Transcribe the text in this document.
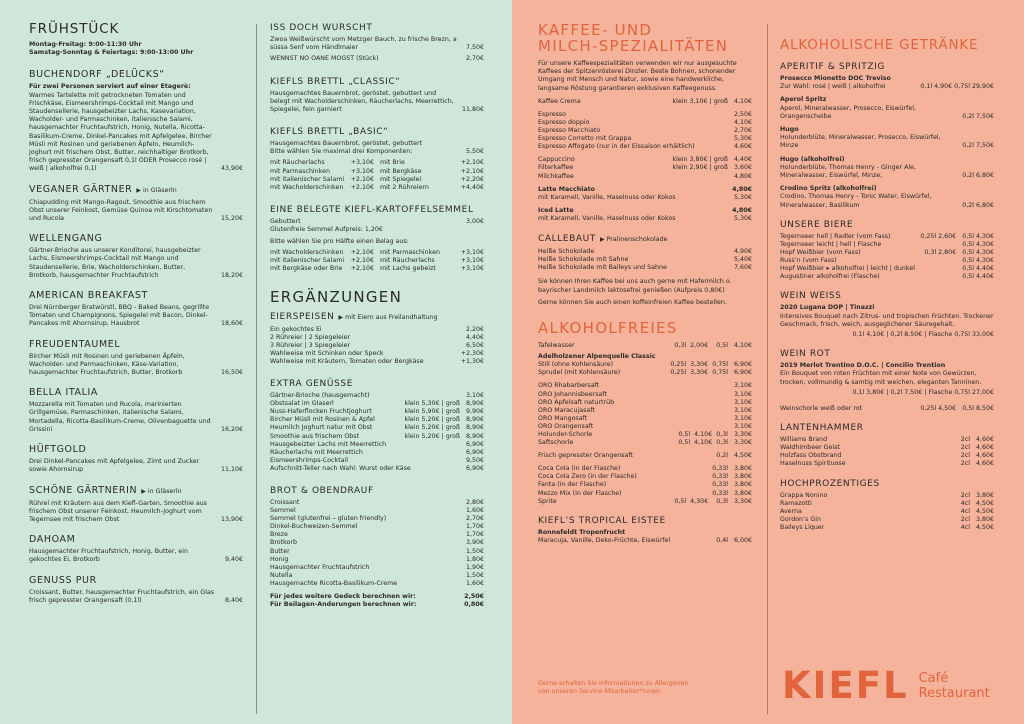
FRÜHSTÜCK
Montag-Freitag: 9:00-11:30 Uhr
Samstag-Sonntag & Feiertags: 9:00-13:00 Uhr
BUCHENDORF „DELÜCKS“
Für zwei Personen serviert auf einer Etagerè:
Warmes Tartelette mit getrockneten Tomaten und Frischkäse, Eismeershrimps-Cocktail mit Mango und Staudensellerie, hausgebeizter Lachs, Kasevariation, Wacholder- und Parmaschinken, italienische Salami, hausgemachter Fruchtaufstrich, Honig, Nutella, Ricotta-Basilikum-Creme, Dinkel-Pancakes mit Apfelgelee, Bircher Müsli mit Rosinen und geriebenen Äpfeln, Heumilch-Joghurt mit frischem Obst, Butter, reichhaltiger Brotkorb, frisch gepresster Orangensaft 0,1l ODER Prosecco rosé | weiß | alkoholfrei 0,1l	43,90€
VEGANER GÄRTNER ▶ in Gläserln
Chiapudding mit Mango-Ragout, Smoothie aus frischem Obst unserer Feinkost, Gemüse Quinoa mit Kirschtomaten und Rucola	15,20€
WELLENGANG
Gärtner-Brioche aus unserer Konditorei, hausgebeizter Lachs, Eismeershrimps-Cocktail mit Mango und Staudensellerie, Brie, Wacholderschinken, Butter, Brotkorb, hausgemachter Fruchtaufstrich	18,20€
AMERICAN BREAKFAST
Drei Nürnberger Bratwürstl, BBQ - Baked Beans, gegrillte Tomaten und Champignons, Spiegelei mit Bacon, Dinkel-Pancakes mit Ahornsirup, Hausbrot	18,60€
FREUDENTAUMEL
Bircher Müsli mit Rosinen und geriebenen Äpfeln, Wacholder- und Parmaschinken, Käse-Variation, hausgemachter Fruchtaufstrich, Butter, Brotkorb	16,50€
BELLA ITALIA
Mozzarella mit Tomaten und Rucola, marinierten Grillgemüse, Parmaschinken, italienische Salami, Mortadella, Ricotta-Basilikum-Creme, Olivenbaguette und Grissini	16,20€
HÜFTGOLD
Drei Dinkel-Pancakes mit Apfelgelee, Zimt und Zucker sowie Ahornsirup	11,10€
SCHÖNE GÄRTNERIN ▶ in Gläserln
Rühreí mit Kräutern aus dem Kiefl-Garten, Smoothie aus frischem Obst unserer Feinkost, Heumilch-Joghurt vom Tegernsee mit frischem Obst	13,90€
DAHOAM
Hausgemachter Fruchtaufstrich, Honig, Butter, ein gekochtes Ei, Brotkorb	9,40€
GENUSS PUR
Croissant, Butter, hausgemachter Fruchtaufstrich, ein Glas frisch gepresster Orangensaft (0,1l)	8,40€
ISS DOCH WURSCHT
Zwoa Weißwürscht vom Metzger Bauch, zu frische Brezn, a süssa Senf vom Händlmaier	7,50€
WENNST NO OANE MOGST (Stück)	2,70€
KIEFLS BRETTL „CLASSIC“
Hausgemachtes Bauernbrot, geröstet, gebuttert und belegt mit Wacholderschinken, Räucherlachs, Meerrettich, Spiegelei, fein garniert	11,80€
KIEFLS BRETTL „BASIC“
Hausgemachtes Bauernbrot, geröstet, gebuttert
Bitte wählen Sie maximal drei Komponenten:	5,50€
mit Räucherlachs	+3,10€ mit Brie	+2,10€
mit Parmaschinken	+3,10€ mit Bergkäse	+2,10€
mit italienischer Salami +2,10€ mit Spiegelei	+2,20€
mit Wacholderschinken +2,10€ mit 2 Rühreiern	+4,40€
EINE BELEGTE KIEFL-KARTOFFELSEMMEL
Gebuttert	3,00€
Glutenfreie Semmel Aufpreis: 1,20€
Bitte wählen Sie pro Hälfte einen Belag aus:
mit Wacholderschinken +2,10€ mit Parmaschinken	+3,10€
mit italienischer Salami +2,10€ mit Räucherlachs	+3,10€
mit Bergkäse oder Brie	+2,10€ mit Lachs gebeizt	+3,10€
ERGÄNZUNGEN
EIERSPEISEN ▶ mit Eiern aus Freilandhaltung
Ein gekochtes Ei	2,20€
2 Rühreier | 2 Spiegeleier	4,40€
3 Rühreier | 3 Spiegeleier	6,50€
Wahlweise mit Schinken oder Speck	+2,30€
Wahlweise mit Kräutern, Tomaten oder Bergkäse	+1,30€
EXTRA GENÜSSE
Gärtner-Brioche (hausgemacht)	3,10€
Obstsalat im Glaserl	klein 5,30€ | groß 8,90€
Nuss-Haferflocken Fruchtjoghurt	klein 5,90€ | groß 9,90€
Bircher Müsli mit Rosinen & Äpfel	klein 5,20€ | groß 8,90€
Heumilch Joghurt natur mit Obst	klein 5,20€ | groß 8,90€
Smoothie aus frischem Obst	klein 5,20€ | groß 8,90€
Hausgebeizter Lachs mit Meerrettich	6,90€
Räucherlachs mit Meerrettich	6,90€
Eismeershrimps-Cocktail	9,50€
Aufschnitt-Teller nach Wahl: Wurst oder Käse	6,90€
BROT & OBENDRAUF
Croissant	2,80€
Semmel	1,60€
Semmel (glutenfrei – gluten friendly)	2,70€
Dinkel-Buchweizen-Semmel	1,70€
Breze	1,70€
Brotkorb	3,90€
Butter	1,50€
Honig	1,80€
Hausgemachter Fruchtaufstrich	1,90€
Nutella	1,50€
Hausgemachte Ricotta-Basilikum-Creme	1,60€
Für jedes weitere Gedeck berechnen wir:	2,50€
Für Beilagen-Änderungen berechnen wir:	0,80€
KAFFEE- UND
MILCH-SPEZIALITÄTEN
Für unsere Kaffeespezialitäten verwenden wir nur ausgesuchte Kaffees der Spitzenrösterei Dinzler. Beste Bohnen, schonender Umgang mit Mensch und Natur, sowie eine handwerkliche, langsame Röstung garantieren exklusiven Kaffeegenuss.
Kaffee Crema	klein 3,10€ | groß 4,10€
Espresso	2,50€
Espresso doppio	4,10€
Espresso Macchiato	2,70€
Espresso Corretto mit Grappa	5,30€
Espresso Affogato (nur in der Eissaison erhältlich)	4,60€
Cappuccino	klein 3,80€ | groß 4,40€
Filterkaffee	klein 2,90€ | groß 3,60€
Milchkaffee	4,80€
Latte Macchiato	4,80€
mit Karamell, Vanille, Haselnuss oder Kokos	5,30€
Iced Latte	4,80€
mit Karamell, Vanille, Haselnuss oder Kokos	5,30€
CALLEBAUT ▶ Pralinenschokolade
Heiße Schokolade	4,90€
Heiße Schokolade mit Sahne	5,40€
Heiße Schokolade mit Baileys und Sahne	7,60€
Sie können Ihren Kaffee bei uns auch gerne mit Hafermilch o. bayrischer Landmilch laktosefrei genießen (Aufpreis 0,80€)
Gerne können Sie auch einen koffeinfreien Kaffee bestellen.
ALKOHOLFREIES
Tafelwasser	0,3l 2,00€ 0,5l 4,10€
Adelholzener Alpenquelle Classic
Still (ohne Kohlensäure)	0,25l 3,30€ 0,75l 6,90€
Sprudel (mit Kohlensäure)	0,25l 3,30€ 0,75l 6,90€
ORO Rhabarbersaft	3,10€
ORO Johannisbeersaft	3,10€
ORO Apfelsaft naturtrüb	3,10€
ORO Maracujasaft	3,10€
ORO Mangosaft	3,10€
ORO Orangensaft	3,10€
Holunder-Schorle	0,5l 4,10€ 0,3l 3,30€
Saftschorle	0,5l 4,10€ 0,3l 3,30€
Frisch gepresster Orangensaft	0,2l 4,50€
Coca Cola (in der Flasche)	0,33l 3,80€
Coca Cola Zero (in der Flasche)	0,33l 3,80€
Fanta (in der Flasche)	0,33l 3,80€
Mezzo Mix (in der Flasche)	0,33l 3,80€
Sprite	0,5l 4,30€ 0,3l 3,30€
KIEFL’S TROPICAL EISTEE
Ronnefeldt Tropenfrucht
Maracuja, Vanille, Deko-Früchte, Eiswürfel	0,4l 6,00€
Gerne erhalten Sie Informationen zu Allergenen
von unseren Service-Mitarbeiter*innen.	KIEFL Café
Restaurant
ALKOHOLISCHE GETRÄNKE
APERITIF & SPRITZIG
Prosecco Mionetto DOC Treviso
Zur Wahl: rosé | weiß | alkoholfrei	0,1l 4,90€ 0,75l 29,90€
Aperol Spritz
Aperol, Mineralwasser, Prosecco, Eiswürfel, Orangenscheibe	0,2l 7,50€
Hugo
Holunderblüte, Mineralwasser, Prosecco, Eiswürfel, Minze	0,2l 7,50€
Hugo (alkoholfrei)
Holunderblüte, Thomas Henry - Ginger Ale, Mineralwasser, Eiswürfel, Minze,	0,2l 6,80€
Crodino Spritz (alkoholfrei)
Crodino, Thomas Henry - Tonic Water, Eiswürfel, Mineralwasser, Basilikum	0,2l 6,80€
UNSERE BIERE
Tegernseer hell | Radler (vom Fass)	0,25l 2,60€ 0,5l 4,30€
Tegernseer leicht | hell | Flasche	0,5l 4,30€
Hopf Weißbier (vom Fass)	0,3l 2,80€ 0,5l 4,30€
Russ’n (vom Fass)	0,5l 4,30€
Hopf Weißbier ▸ alkoholfrei | leicht | dunkel	0,5l 4,40€
Augustiner alkoholfrei (Flasche)	0,5l 4,40€
WEIN WEISS
2020 Lugana DOP | Tinazzi
Intensives Bouquet nach Zitrus- und tropischen Früchten. Trockener Geschmack, frisch, weich, ausgeglichener Säuregehalt.
0,1l 4,10€ | 0,2l 8,50€ | Flasche 0,75l 33,00€
WEIN ROT
2019 Merlot Trentino D.O.C. | Concilio Trention
Ein Bouquet von roten Früchten mit einer Note von Gewürzen, trocken, vollmundig & samtig mit weichen, eleganten Tanninen.
0,1l 3,80€ | 0,2l 7,50€ | Flasche 0,75l 27,00€
Weinschorle weiß oder rot	0,25l 4,50€ 0,5l 8,50€
LANTENHAMMER
Williams Brand	2cl 4,60€
Waldhimbeer Geist	2cl 4,60€
Holzfass Obstbrand	2cl 4,60€
Haselnuss Spirituose	2cl 4,60€
HOCHPROZENTIGES
Grappa Nonino	2cl 3,80€
Ramazotti	4cl 4,50€
Averna	4cl 4,50€
Gordon’s Gin	2cl 3,80€
Baileys Liquer	4cl 4,50€
